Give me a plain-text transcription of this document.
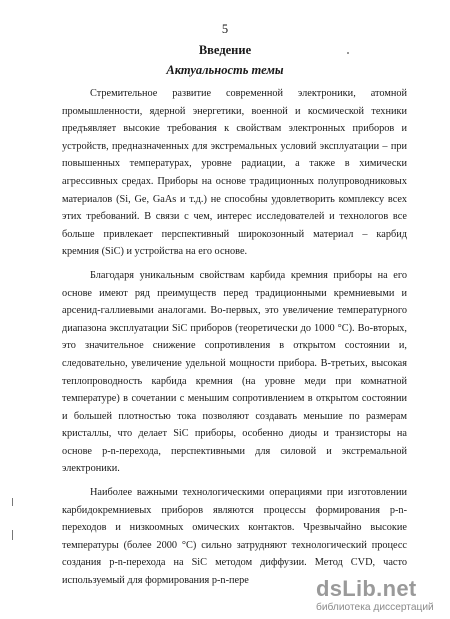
5
Введение
Актуальность темы
Стремительное развитие современной электроники, атомной
промышленности, ядерной энергетики, военной и космической техники
предъявляет высокие требования к свойствам электронных приборов и
устройств, предназначенных для экстремальных условий эксплуатации – при
повышенных температурах, уровне радиации, а также в химически
агрессивных средах. Приборы на основе традиционных полупроводниковых
материалов (Si, Ge, GaAs и т.д.) не способны удовлетворить комплексу всех
этих требований. В связи с чем, интерес исследователей и технологов все
больше привлекает перспективный широкозонный материал – карбид
кремния (SiC) и устройства на его основе.
Благодаря уникальным свойствам карбида кремния приборы на его
основе имеют ряд преимуществ перед традиционными кремниевыми и
арсенид-галлиевыми аналогами. Во-первых, это увеличение температурного
диапазона эксплуатации SiC приборов (теоретически до 1000 °С). Во-вторых,
это значительное снижение сопротивления в открытом состоянии и,
следовательно, увеличение удельной мощности прибора. В-третьих, высокая
теплопроводность карбида кремния (на уровне меди при комнатной
температуре) в сочетании с меньшим сопротивлением в открытом состоянии
и большей плотностью тока позволяют создавать меньшие по размерам
кристаллы, что делает SiC приборы, особенно диоды и транзисторы на
основе p-n-перехода, перспективными для силовой и экстремальной
электроники.
Наиболее важными технологическими операциями при изготовлении
карбидокремниевых приборов являются процессы формирования p-n-
переходов и низкоомных омических контактов. Чрезвычайно высокие
температуры (более 2000 °С) сильно затрудняют технологический процесс
создания p-n-перехода на SiC методом диффузии. Метод CVD, часто
используемый для формирования p-n-пере	dsLib.net
библиотека диссертаций
